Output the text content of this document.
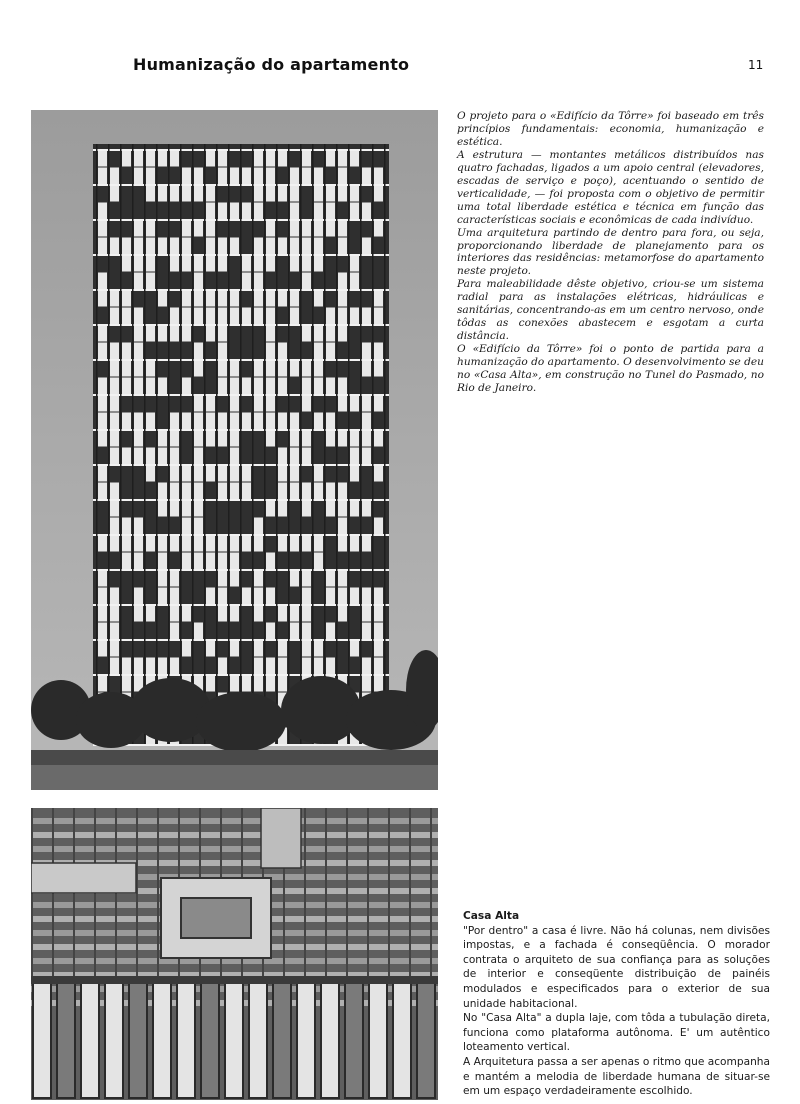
Humanização do apartamento	11

O projeto para o «Edifício da Tôrre» foi baseado em três princípios fundamentais: economia, humanização e estética.

A estrutura — montantes metálicos distribuídos nas quatro fachadas, ligados a um apoio central (elevadores, escadas de serviço e poço), acentuando o sentido de verticalidade, — foi proposta com o objetivo de permitir uma total liberdade estética e técnica em função das características sociais e econômicas de cada indivíduo.

Uma arquitetura partindo de dentro para fora, ou seja, proporcionando liberdade de planejamento para os interiores das residências: metamorfose do apartamento neste projeto.

Para maleabilidade dêste objetivo, criou-se um sistema radial para as instalações elétricas, hidráulicas e sanitárias, concentrando-as em um centro nervoso, onde tôdas as conexões abastecem e esgotam a curta distância.

O «Edifício da Tôrre» foi o ponto de partida para a humanização do apartamento. O desenvolvimento se deu no «Casa Alta», em construção no Tunel do Pasmado, no Rio de Janeiro.

Casa Alta

"Por dentro" a casa é livre. Não há colunas, nem divisões impostas, e a fachada é conseqüência. O morador contrata o arquiteto de sua confiança para as soluções de interior e conseqüente distribuição de painéis modulados e especificados para o exterior de sua unidade habitacional.

No "Casa Alta" a dupla laje, com tôda a tubulação direta, funciona como plataforma autônoma. E' um autêntico loteamento vertical.

A Arquitetura passa a ser apenas o ritmo que acompanha e mantém a melodia de liberdade humana de situar-se em um espaço verdadeiramente escolhido.
